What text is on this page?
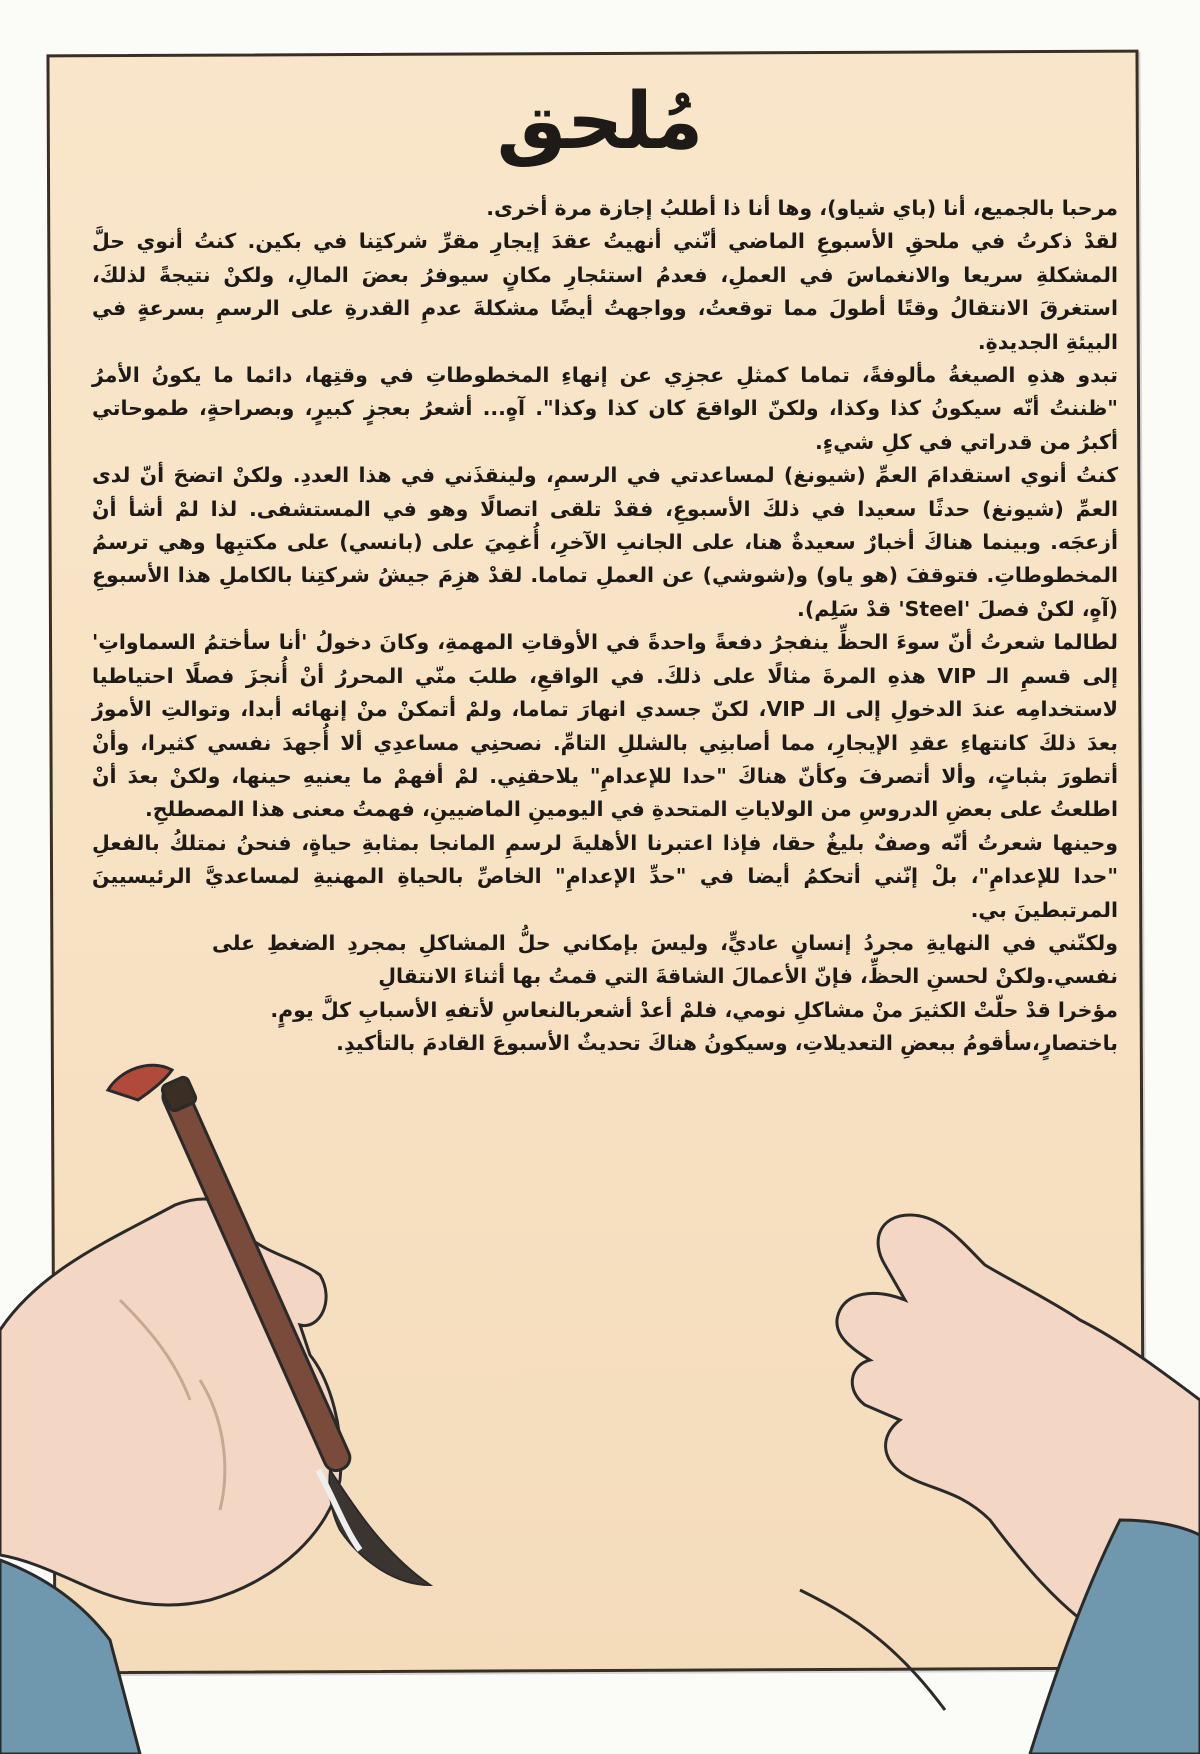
مُلحق

مرحبا بالجميع، أنا (باي شياو)، وها أنا ذا أطلبُ إجازة مرة أخرى.

لقدْ ذكرتُ في ملحقِ الأسبوعِ الماضي أنّني أنهيتُ عقدَ إيجارِ مقرِّ شركتِنا في بكين. كنتُ أنوي حلَّ المشكلةِ سريعا والانغماسَ في العملِ، فعدمُ استئجارِ مكانٍ سيوفرُ بعضَ المالِ، ولكنْ نتيجةً لذلكَ، استغرقَ الانتقالُ وقتًا أطولَ مما توقعتُ، وواجهتُ أيضًا مشكلةَ عدمِ القدرةِ على الرسمِ بسرعةٍ في البيئةِ الجديدةِ.

تبدو هذهِ الصيغةُ مألوفةً، تماما كمثلِ عجزِي عن إنهاءِ المخطوطاتِ في وقتِها، دائما ما يكونُ الأمرُ "ظننتُ أنّه سيكونُ كذا وكذا، ولكنّ الواقعَ كان كذا وكذا". آهٍ... أشعرُ بعجزٍ كبيرٍ، وبصراحةٍ، طموحاتي أكبرُ من قدراتي في كلِ شيءٍ.

كنتُ أنوي استقدامَ العمِّ (شيونغ) لمساعدتي في الرسمِ، ولينقذَني في هذا العددِ. ولكنْ اتضحَ أنّ لدى العمِّ (شيونغ) حدثًا سعيدا في ذلكَ الأسبوعِ، فقدْ تلقى اتصالًا وهو في المستشفى. لذا لمْ أشأ أنْ أزعجَه. وبينما هناكَ أخبارٌ سعيدةٌ هنا، على الجانبِ الآخرِ، أُغمِيَ على (بانسي) على مكتبِها وهي ترسمُ المخطوطاتِ. فتوقفَ (هو ياو) و(شوشي) عن العملِ تماما. لقدْ هزِمَ جيشُ شركتِنا بالكاملِ هذا الأسبوعِ (آهٍ، لكنْ فصلَ 'Steel' قدْ سَلِم).

لطالما شعرتُ أنّ سوءَ الحظِّ ينفجرُ دفعةً واحدةً في الأوقاتِ المهمةِ، وكانَ دخولُ 'أنا سأختمُ السماواتِ' إلى قسمِ الـ VIP هذهِ المرةَ مثالًا على ذلكَ. في الواقعِ، طلبَ منّي المحررُ أنْ أُنجزَ فصلًا احتياطيا لاستخدامِه عندَ الدخولِ إلى الـ VIP، لكنّ جسدي انهارَ تماما، ولمْ أتمكنْ منْ إنهائه أبدا، وتوالتِ الأمورُ بعدَ ذلكَ كانتهاءِ عقدِ الإيجارِ، مما أصابنِي بالشللِ التامِّ. نصحنِي مساعدِي ألا أُجهدَ نفسي كثيرا، وأنْ أتطورَ بثباتٍ، وألا أتصرفَ وكأنّ هناكَ "حدا للإعدامِ" يلاحقنِي. لمْ أفهمْ ما يعنيهِ حينها، ولكنْ بعدَ أنْ اطلعتُ على بعضِ الدروسِ من الولاياتِ المتحدةِ في اليومينِ الماضيينِ، فهمتُ معنى هذا المصطلحِ.

وحينها شعرتُ أنّه وصفٌ بليغٌ حقا، فإذا اعتبرنا الأهليةَ لرسمِ المانجا بمثابةِ حياةٍ، فنحنُ نمتلكُ بالفعلِ "حدا للإعدامِ"، بلْ إنّني أتحكمُ أيضا في "حدِّ الإعدامِ" الخاصِّ بالحياةِ المهنيةِ لمساعديَّ الرئيسيينَ المرتبطينَ بي.

ولكنّني في النهايةِ مجردُ إنسانٍ عاديٍّ، وليسَ بإمكاني حلُّ المشاكلِ بمجردِ الضغطِ على نفسي.ولكنْ لحسنِ الحظِّ، فإنّ الأعمالَ الشاقةَ التي قمتُ بها أثناءَ الانتقالِ

مؤخرا قدْ حلّتْ الكثيرَ منْ مشاكلِ نومي، فلمْ أعدْ أشعربالنعاسِ لأتفهِ الأسبابِ كلَّ يومٍ.

باختصارٍ،سأقومُ ببعضِ التعديلاتِ، وسيكونُ هناكَ تحديثٌ الأسبوعَ القادمَ بالتأكيدِ.
